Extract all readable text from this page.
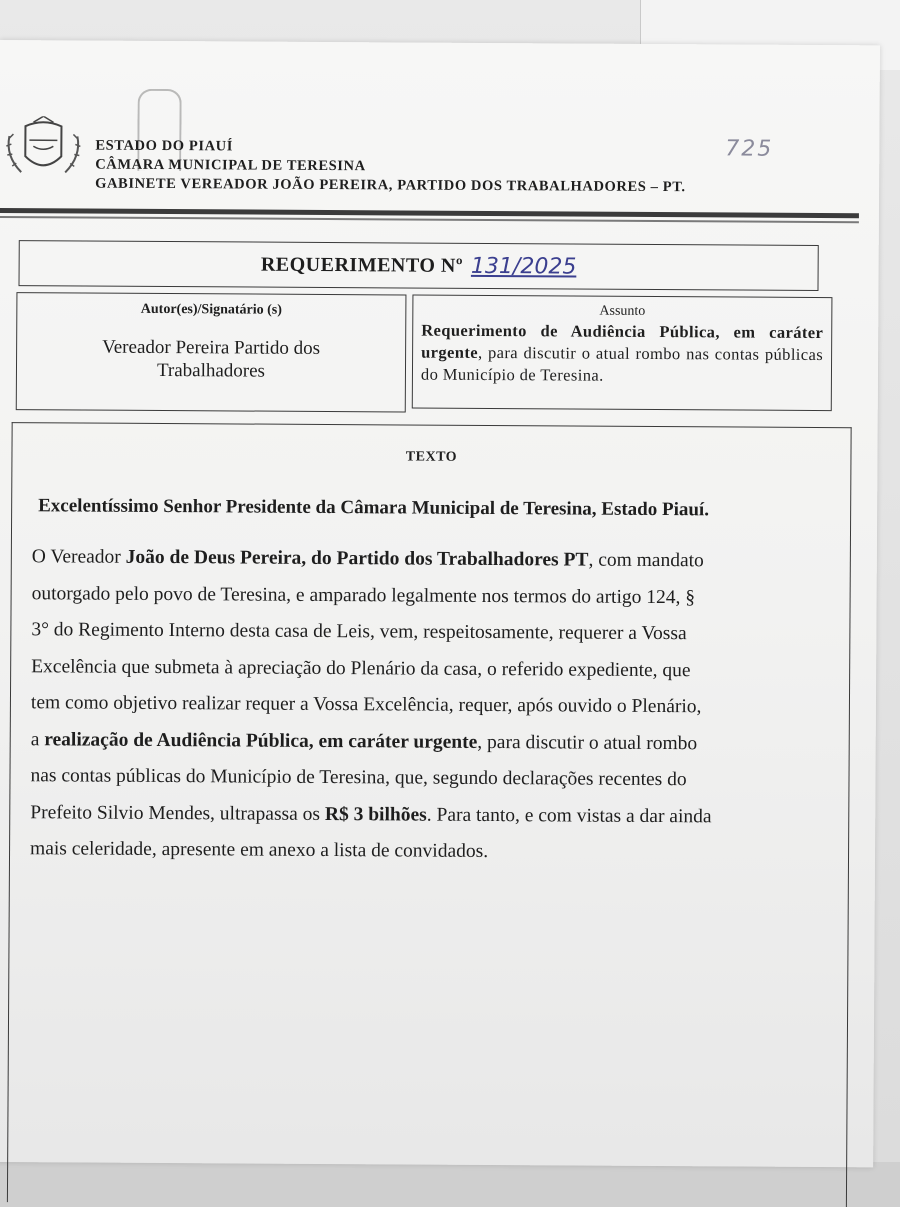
ESTADO DO PIAUÍ
CÂMARA MUNICIPAL DE TERESINA
GABINETE VEREADOR JOÃO PEREIRA, PARTIDO DOS TRABALHADORES – PT.
725
REQUERIMENTO Nº 131/2025
Autor(es)/Signatário (s)
Vereador Pereira Partido dos
Trabalhadores
Assunto
Requerimento de Audiência Pública, em caráter urgente, para discutir o atual rombo nas contas públicas do Município de Teresina.
TEXTO
Excelentíssimo Senhor Presidente da Câmara Municipal de Teresina, Estado Piauí.
O Vereador João de Deus Pereira, do Partido dos Trabalhadores PT, com mandato
outorgado pelo povo de Teresina, e amparado legalmente nos termos do artigo 124, §
3° do Regimento Interno desta casa de Leis, vem, respeitosamente, requerer a Vossa
Excelência que submeta à apreciação do Plenário da casa, o referido expediente, que
tem como objetivo realizar requer a Vossa Excelência, requer, após ouvido o Plenário,
a realização de Audiência Pública, em caráter urgente, para discutir o atual rombo
nas contas públicas do Município de Teresina, que, segundo declarações recentes do
Prefeito Silvio Mendes, ultrapassa os R$ 3 bilhões. Para tanto, e com vistas a dar ainda
mais celeridade, apresente em anexo a lista de convidados.
